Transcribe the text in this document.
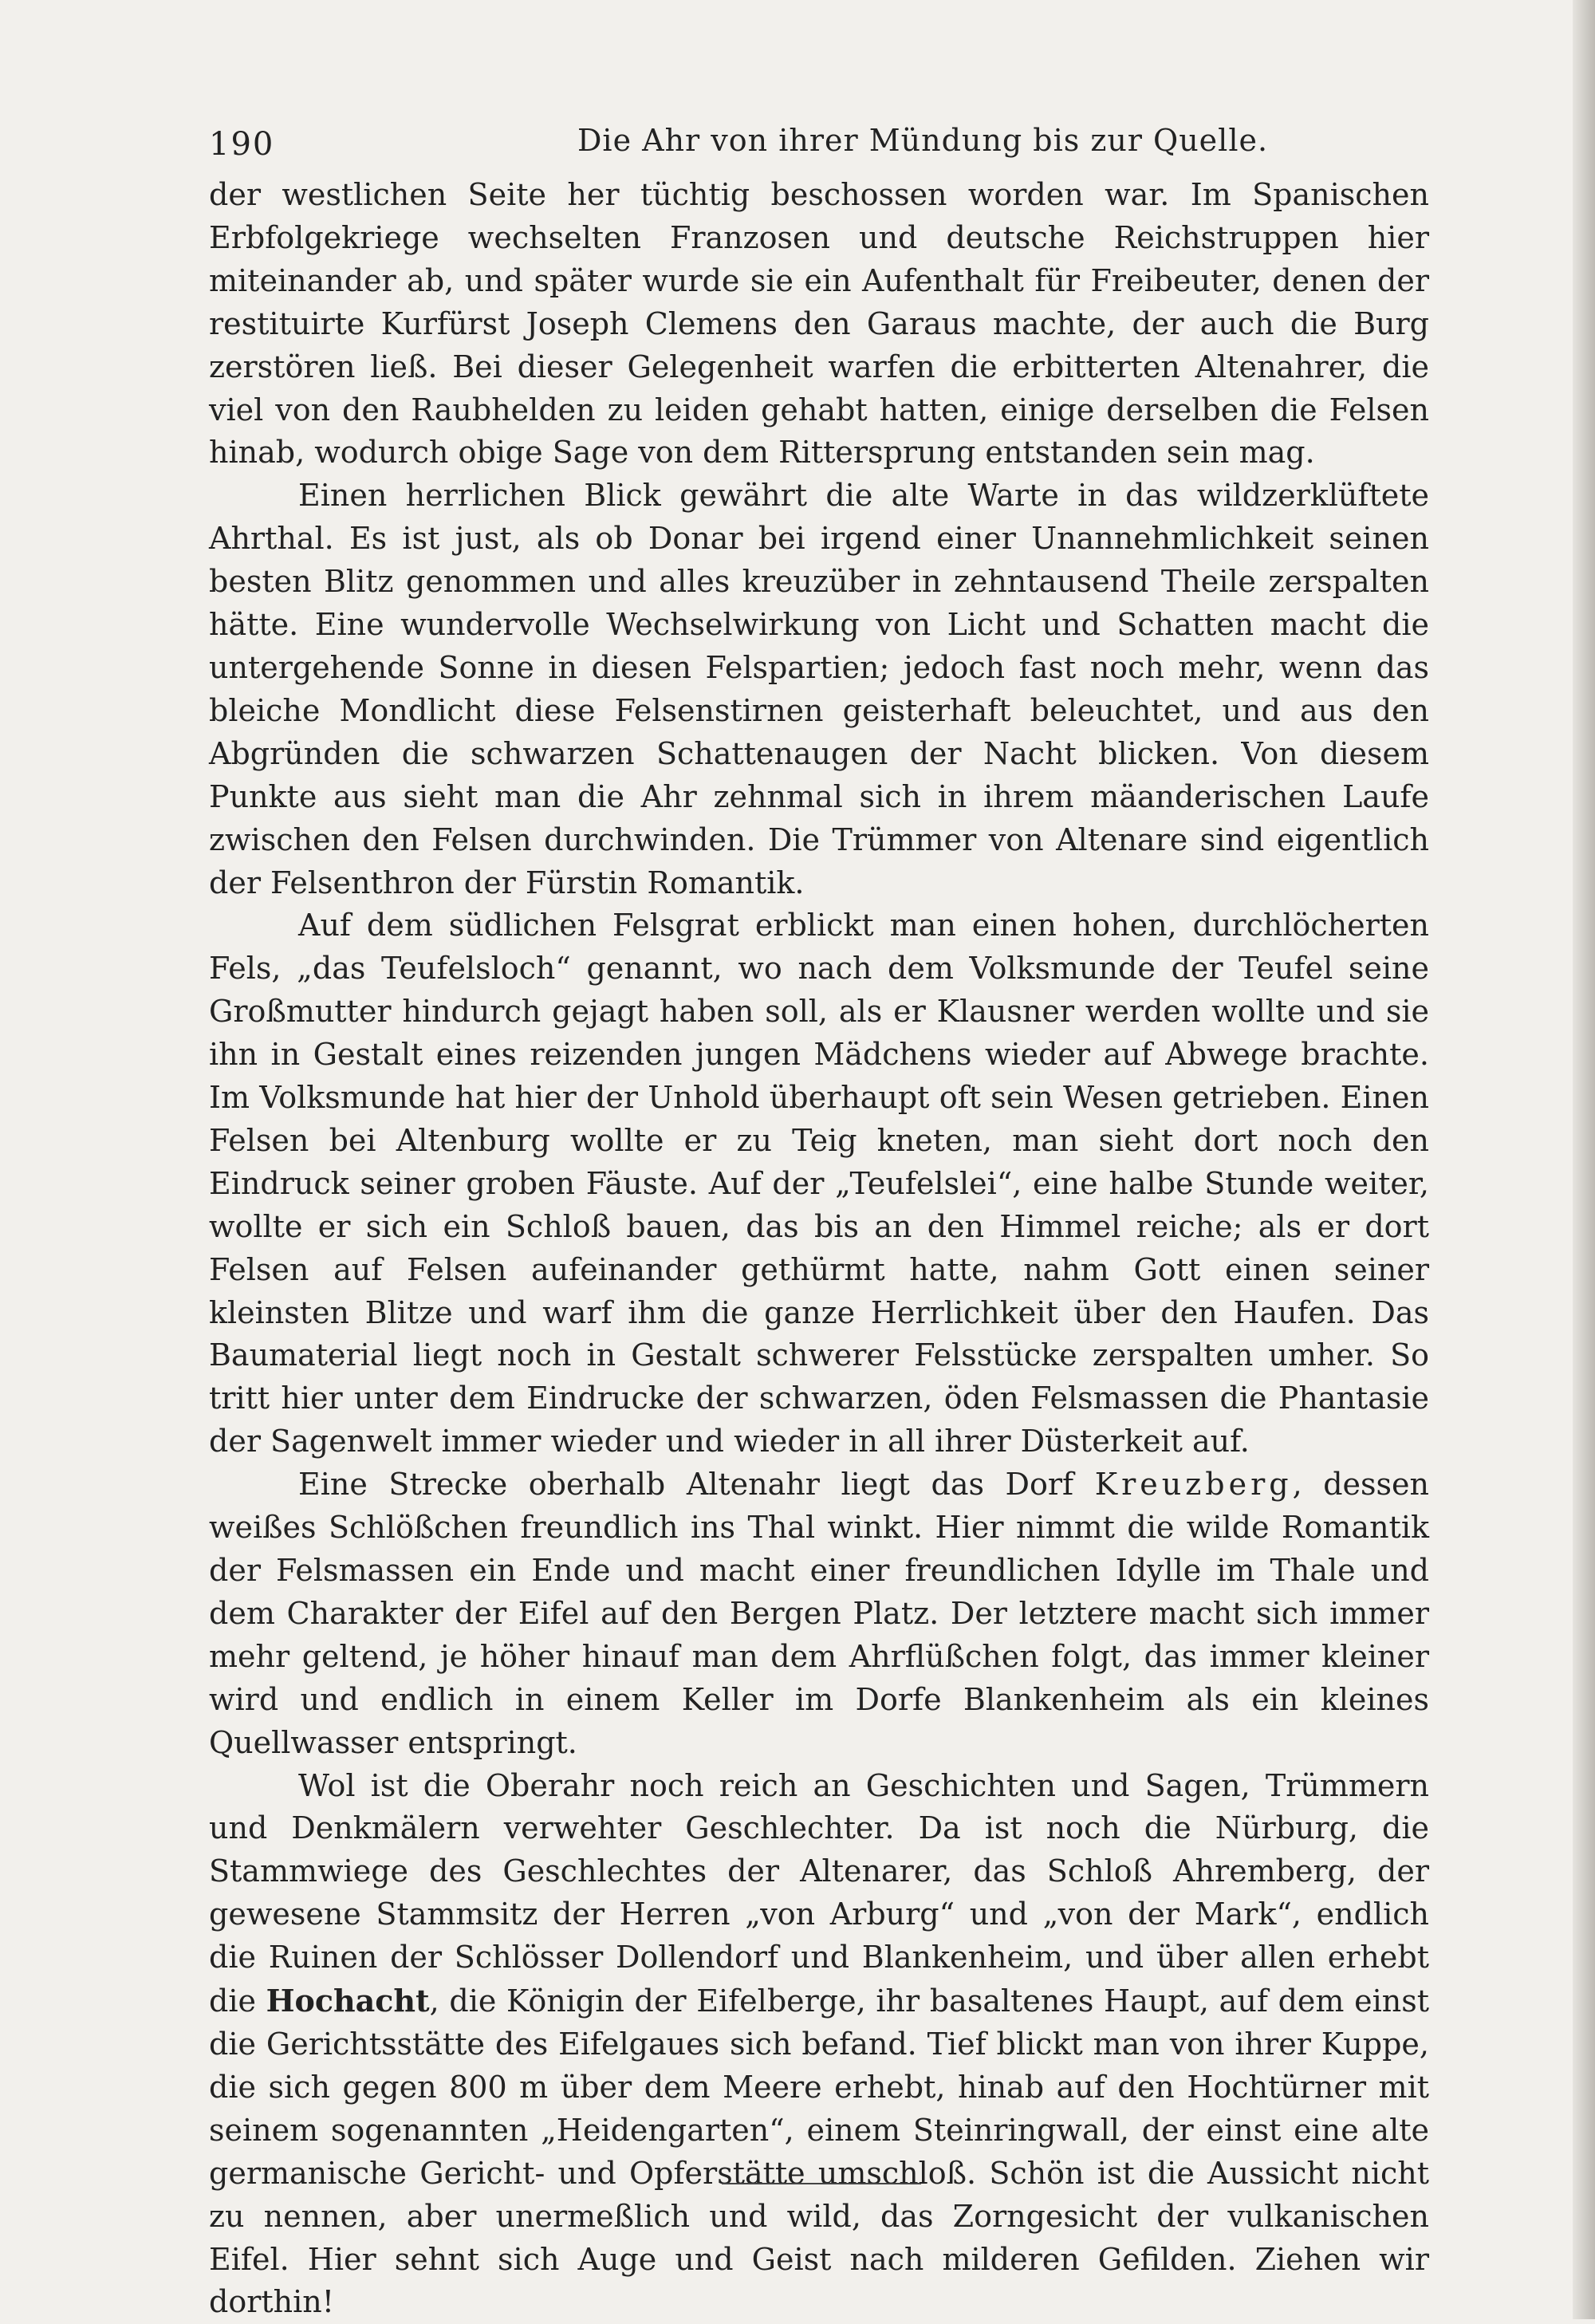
190	Die Ahr von ihrer Mündung bis zur Quelle.

der westlichen Seite her tüchtig beschossen worden war. Im Spanischen Erbfolgekriege wechselten Franzosen und deutsche Reichstruppen hier miteinander ab, und später wurde sie ein Aufenthalt für Freibeuter, denen der restituirte Kurfürst Joseph Clemens den Garaus machte, der auch die Burg zerstören ließ. Bei dieser Gelegenheit warfen die erbitterten Altenahrer, die viel von den Raubhelden zu leiden gehabt hatten, einige derselben die Felsen hinab, wodurch obige Sage von dem Rittersprung entstanden sein mag.

Einen herrlichen Blick gewährt die alte Warte in das wildzerklüftete Ahrthal. Es ist just, als ob Donar bei irgend einer Unannehmlichkeit seinen besten Blitz genommen und alles kreuzüber in zehntausend Theile zerspalten hätte. Eine wundervolle Wechselwirkung von Licht und Schatten macht die untergehende Sonne in diesen Felspartien; jedoch fast noch mehr, wenn das bleiche Mondlicht diese Felsenstirnen geisterhaft beleuchtet, und aus den Abgründen die schwarzen Schattenaugen der Nacht blicken. Von diesem Punkte aus sieht man die Ahr zehnmal sich in ihrem mäanderischen Laufe zwischen den Felsen durchwinden. Die Trümmer von Altenare sind eigentlich der Felsenthron der Fürstin Romantik.

Auf dem südlichen Felsgrat erblickt man einen hohen, durchlöcherten Fels, „das Teufelsloch“ genannt, wo nach dem Volksmunde der Teufel seine Großmutter hindurch gejagt haben soll, als er Klausner werden wollte und sie ihn in Gestalt eines reizenden jungen Mädchens wieder auf Abwege brachte. Im Volksmunde hat hier der Unhold überhaupt oft sein Wesen getrieben. Einen Felsen bei Altenburg wollte er zu Teig kneten, man sieht dort noch den Eindruck seiner groben Fäuste. Auf der „Teufelslei“, eine halbe Stunde weiter, wollte er sich ein Schloß bauen, das bis an den Himmel reiche; als er dort Felsen auf Felsen aufeinander gethürmt hatte, nahm Gott einen seiner kleinsten Blitze und warf ihm die ganze Herrlichkeit über den Haufen. Das Baumaterial liegt noch in Gestalt schwerer Felsstücke zerspalten umher. So tritt hier unter dem Eindrucke der schwarzen, öden Felsmassen die Phantasie der Sagenwelt immer wieder und wieder in all ihrer Düsterkeit auf.

Eine Strecke oberhalb Altenahr liegt das Dorf Kreuzberg, dessen weißes Schlößchen freundlich ins Thal winkt. Hier nimmt die wilde Romantik der Felsmassen ein Ende und macht einer freundlichen Idylle im Thale und dem Charakter der Eifel auf den Bergen Platz. Der letztere macht sich immer mehr geltend, je höher hinauf man dem Ahrflüßchen folgt, das immer kleiner wird und endlich in einem Keller im Dorfe Blankenheim als ein kleines Quellwasser entspringt.

Wol ist die Oberahr noch reich an Geschichten und Sagen, Trümmern und Denkmälern verwehter Geschlechter. Da ist noch die Nürburg, die Stammwiege des Geschlechtes der Altenarer, das Schloß Ahremberg, der gewesene Stammsitz der Herren „von Arburg“ und „von der Mark“, endlich die Ruinen der Schlösser Dollendorf und Blankenheim, und über allen erhebt die Hochacht, die Königin der Eifelberge, ihr basaltenes Haupt, auf dem einst die Gerichtsstätte des Eifelgaues sich befand. Tief blickt man von ihrer Kuppe, die sich gegen 800 m über dem Meere erhebt, hinab auf den Hochtürner mit seinem sogenannten „Heidengarten“, einem Steinringwall, der einst eine alte germanische Gericht- und Opferstätte umschloß. Schön ist die Aussicht nicht zu nennen, aber unermeßlich und wild, das Zorngesicht der vulkanischen Eifel. Hier sehnt sich Auge und Geist nach milderen Gefilden. Ziehen wir dorthin!
